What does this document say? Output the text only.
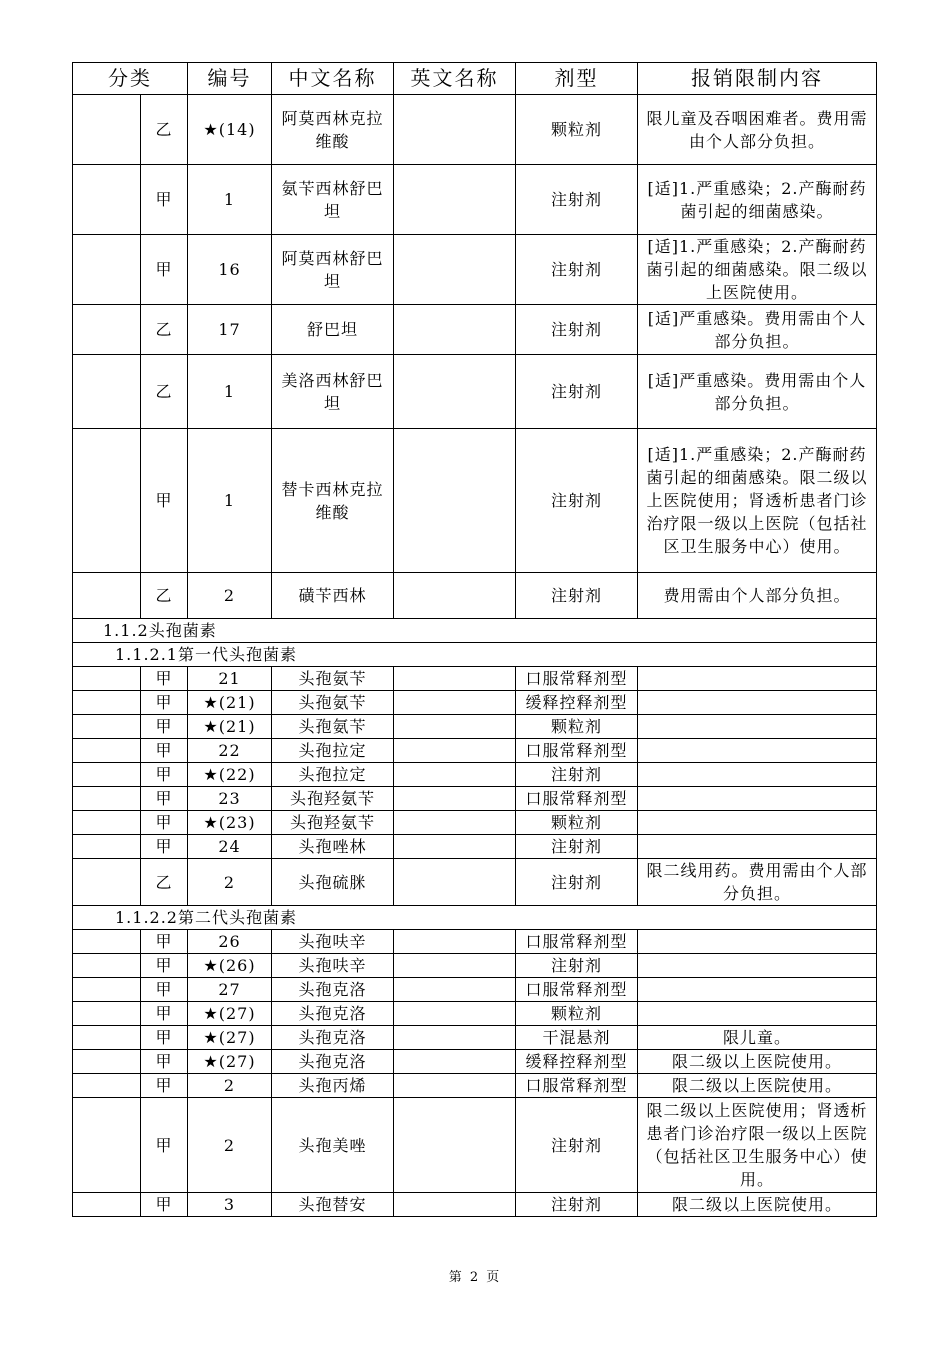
分类		编号	中文名称	英文名称	剂型	报销限制内容
	乙	★(14)	阿莫西林克拉维酸		颗粒剂	限儿童及吞咽困难者。费用需由个人部分负担。
	甲	1	氨苄西林舒巴坦		注射剂	[适]1.严重感染；2.产酶耐药菌引起的细菌感染。
	甲	16	阿莫西林舒巴坦		注射剂	[适]1.严重感染；2.产酶耐药菌引起的细菌感染。限二级以上医院使用。
	乙	17	舒巴坦		注射剂	[适]严重感染。费用需由个人部分负担。
	乙	1	美洛西林舒巴坦		注射剂	[适]严重感染。费用需由个人部分负担。
	甲	1	替卡西林克拉维酸		注射剂	[适]1.严重感染；2.产酶耐药菌引起的细菌感染。限二级以上医院使用；肾透析患者门诊治疗限一级以上医院（包括社区卫生服务中心）使用。
	乙	2	磺苄西林		注射剂	费用需由个人部分负担。
1.1.2头孢菌素						
1.1.2.1第一代头孢菌素						
	甲	21	头孢氨苄		口服常释剂型	
	甲	★(21)	头孢氨苄		缓释控释剂型	
	甲	★(21)	头孢氨苄		颗粒剂	
	甲	22	头孢拉定		口服常释剂型	
	甲	★(22)	头孢拉定		注射剂	
	甲	23	头孢羟氨苄		口服常释剂型	
	甲	★(23)	头孢羟氨苄		颗粒剂	
	甲	24	头孢唑林		注射剂	
	乙	2	头孢硫脒		注射剂	限二线用药。费用需由个人部分负担。
1.1.2.2第二代头孢菌素						
	甲	26	头孢呋辛		口服常释剂型	
	甲	★(26)	头孢呋辛		注射剂	
	甲	27	头孢克洛		口服常释剂型	
	甲	★(27)	头孢克洛		颗粒剂	
	甲	★(27)	头孢克洛		干混悬剂	限儿童。
	甲	★(27)	头孢克洛		缓释控释剂型	限二级以上医院使用。
	甲	2	头孢丙烯		口服常释剂型	限二级以上医院使用。
	甲	2	头孢美唑		注射剂	限二级以上医院使用；肾透析患者门诊治疗限一级以上医院（包括社区卫生服务中心）使用。
	甲	3	头孢替安		注射剂	限二级以上医院使用。
第 2 页
